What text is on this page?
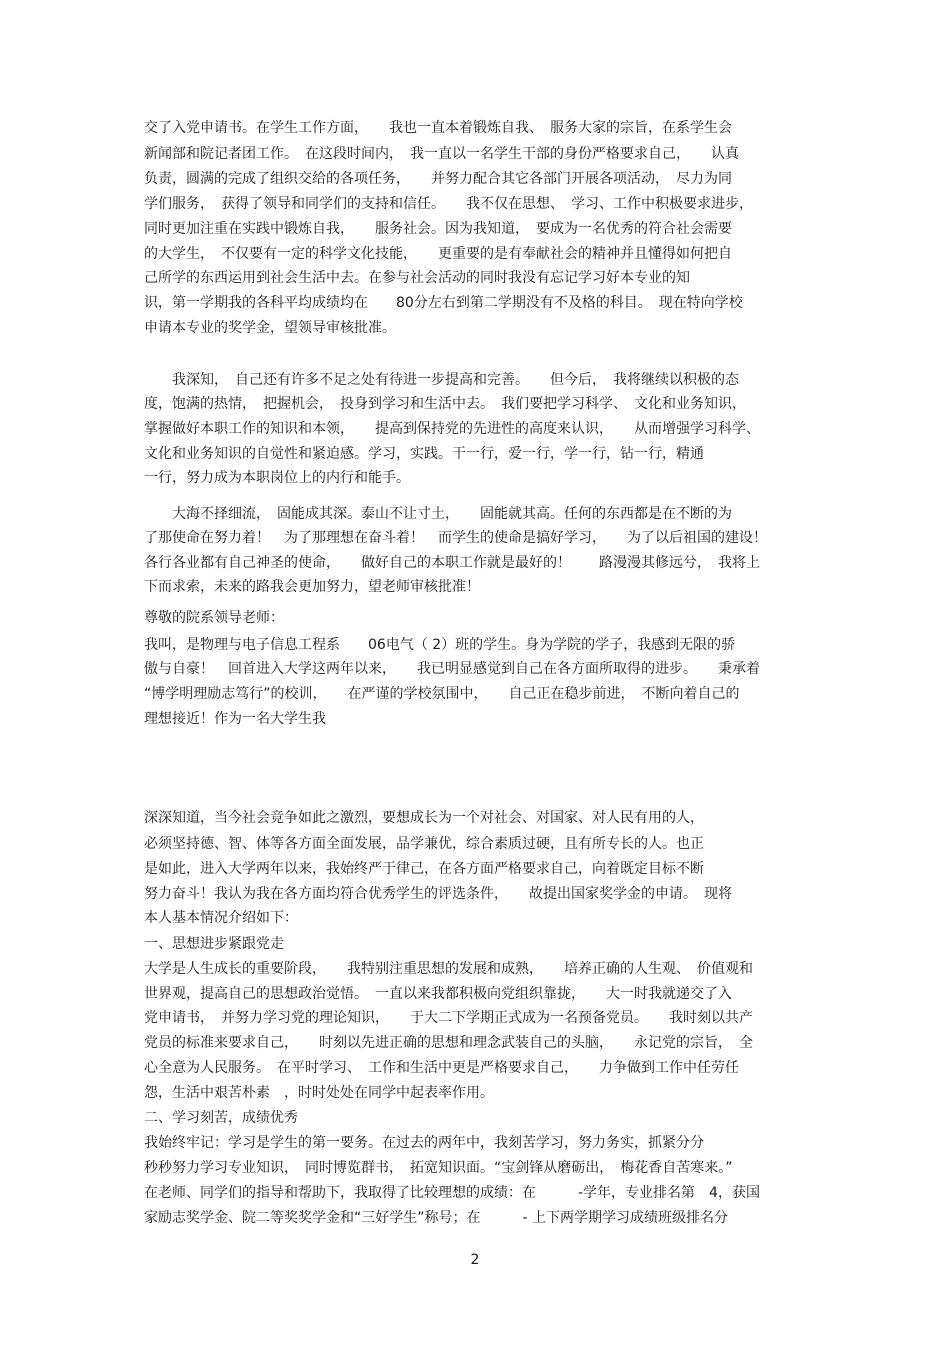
交了入党申请书。在学生工作方面，　　我也一直本着锻炼自我、　服务大家的宗旨，在系学生会
新闻部和院记者团工作。　在这段时间内，　我一直以一名学生干部的身份严格要求自己，　　认真
负责，圆满的完成了组织交给的各项任务，　　并努力配合其它各部门开展各项活动，　尽力为同
学们服务，　获得了领导和同学们的支持和信任。　　我不仅在思想、　学习、工作中积极要求进步，
同时更加注重在实践中锻炼自我，　　服务社会。因为我知道，　要成为一名优秀的符合社会需要
的大学生，　不仅要有一定的科学文化技能，　　更重要的是有奉献社会的精神并且懂得如何把自
己所学的东西运用到社会生活中去。在参与社会活动的同时我没有忘记学习好本专业的知
识，第一学期我的各科平均成绩均在　　80分左右到第二学期没有不及格的科目。　现在特向学校
申请本专业的奖学金，望领导审核批准。
　　我深知，　自己还有许多不足之处有待进一步提高和完善。　　但今后，　我将继续以积极的态
度，饱满的热情，　把握机会，　投身到学习和生活中去。　我们要把学习科学、　文化和业务知识，
掌握做好本职工作的知识和本领，　　提高到保持党的先进性的高度来认识，　　从而增强学习科学、
文化和业务知识的自觉性和紧迫感。学习，实践。干一行，爱一行，学一行，钻一行，精通
一行，努力成为本职岗位上的内行和能手。
　　大海不择细流，　固能成其深。泰山不让寸土，　　固能就其高。任何的东西都是在不断的为
了那使命在努力着！　为了那理想在奋斗着！　而学生的使命是搞好学习，　　为了以后祖国的建设！
各行各业都有自己神圣的使命，　　做好自己的本职工作就是最好的！　　路漫漫其修远兮，　我将上
下而求索，未来的路我会更加努力，望老师审核批准！
尊敬的院系领导老师：
我叫，是物理与电子信息工程系　　06电气（ 2）班的学生。身为学院的学子，我感到无限的骄
傲与自豪！　回首进入大学这两年以来，　　我已明显感觉到自己在各方面所取得的进步。　　秉承着
“博学明理励志笃行”的校训，　　在严谨的学校氛围中，　　自己正在稳步前进，　不断向着自己的
理想接近！作为一名大学生我
深深知道，当今社会竞争如此之激烈，要想成长为一个对社会、对国家、对人民有用的人，
必须坚持德、智、体等各方面全面发展，品学兼优，综合素质过硬，且有所专长的人。也正
是如此，进入大学两年以来，我始终严于律己，在各方面严格要求自己，向着既定目标不断
努力奋斗！我认为我在各方面均符合优秀学生的评选条件，　　故提出国家奖学金的申请。　现将
本人基本情况介绍如下：
一、思想进步紧跟党走
大学是人生成长的重要阶段，　　我特别注重思想的发展和成熟，　　培养正确的人生观、　价值观和
世界观，提高自己的思想政治觉悟。　一直以来我都积极向党组织靠拢，　　大一时我就递交了入
党申请书，　并努力学习党的理论知识，　　于大二下学期正式成为一名预备党员。　　我时刻以共产
党员的标准来要求自己，　　时刻以先进正确的思想和理念武装自己的头脑，　　永记党的宗旨，　全
心全意为人民服务。　在平时学习、　工作和生活中更是严格要求自己，　　力争做到工作中任劳任
怨，生活中艰苦朴素　，时时处处在同学中起表率作用。
二、学习刻苦，成绩优秀
我始终牢记：学习是学生的第一要务。在过去的两年中，我刻苦学习，努力务实，抓紧分分
秒秒努力学习专业知识，　同时博览群书，　拓宽知识面。“宝剑锋从磨砺出，　梅花香自苦寒来。”
在老师、同学们的指导和帮助下，我取得了比较理想的成绩：在　　　-学年，专业排名第　4，获国
家励志奖学金、院二等奖奖学金和“三好学生”称号；在　　　- 上下两学期学习成绩班级排名分
2
